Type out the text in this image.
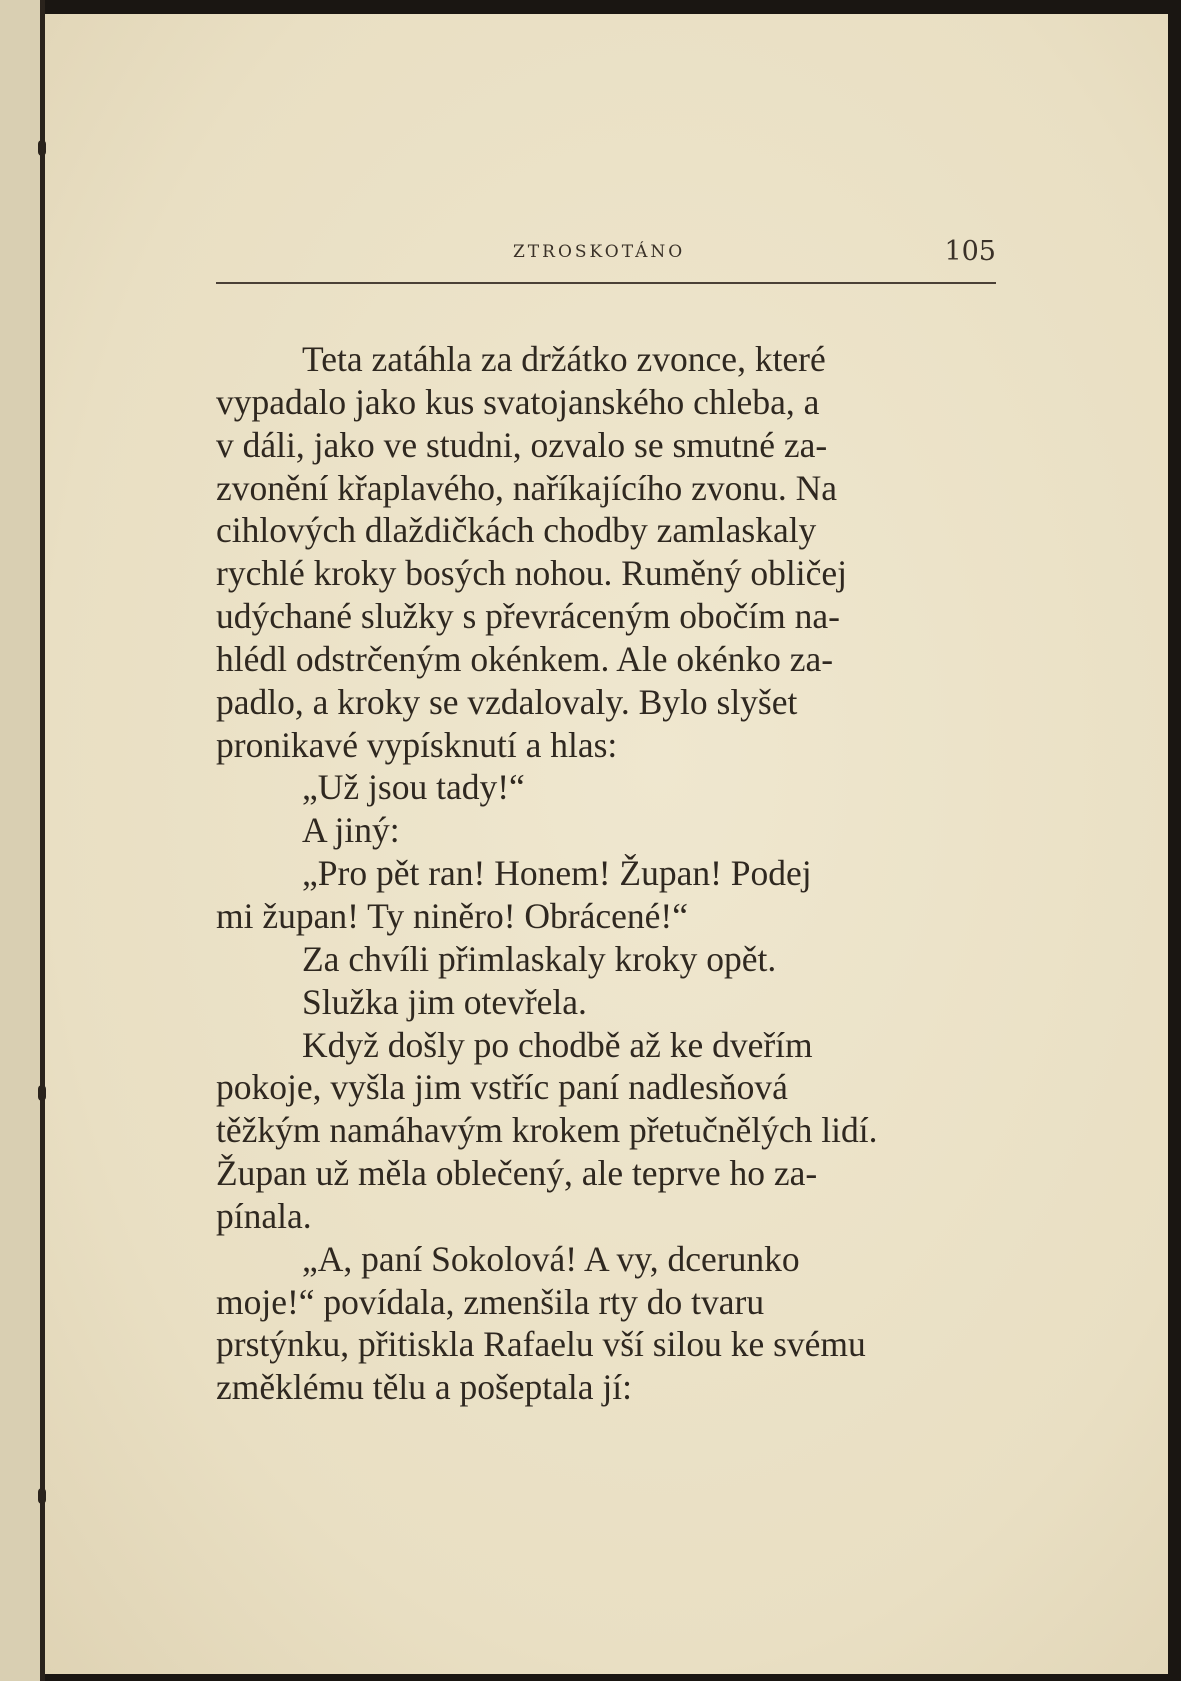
ZTROSKOTÁNO	105

Teta zatáhla za držátko zvonce, které
vypadalo jako kus svatojanského chleba, a
v dáli, jako ve studni, ozvalo se smutné za-
zvonění křaplavého, naříkajícího zvonu. Na
cihlových dlaždičkách chodby zamlaskaly
rychlé kroky bosých nohou. Ruměný obličej
udýchané služky s převráceným obočím na-
hlédl odstrčeným okénkem. Ale okénko za-
padlo, a kroky se vzdalovaly. Bylo slyšet
pronikavé vypísknutí a hlas:

„Už jsou tady!“

A jiný:

„Pro pět ran! Honem! Župan! Podej
mi župan! Ty niněro! Obrácené!“

Za chvíli přimlaskaly kroky opět.

Služka jim otevřela.

Když došly po chodbě až ke dveřím
pokoje, vyšla jim vstříc paní nadlesňová
těžkým namáhavým krokem přetučnělých lidí.
Župan už měla oblečený, ale teprve ho za-
pínala.

„A, paní Sokolová! A vy, dcerunko
moje!“ povídala, zmenšila rty do tvaru
prstýnku, přitiskla Rafaelu vší silou ke svému
změklému tělu a pošeptala jí:
